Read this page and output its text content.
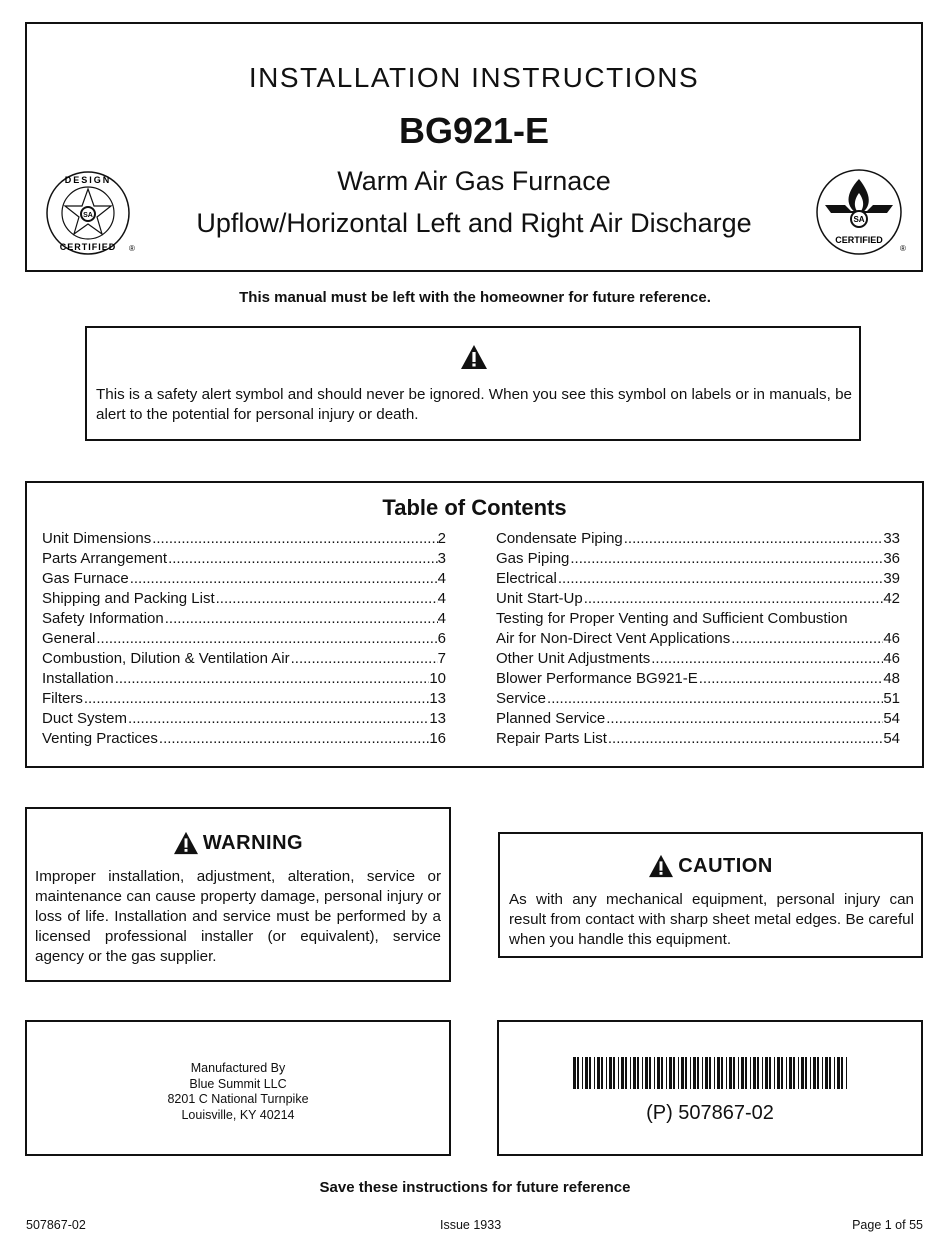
INSTALLATION INSTRUCTIONS
BG921-E
Warm Air Gas Furnace
Upflow/Horizontal Left and Right Air Discharge
SA
DESIGN
CERTIFIED ®
SA
CERTIFIED
®
This manual must be left with the homeowner for future reference.
This is a safety alert symbol and should never be ignored. When you see this symbol on labels or in manuals, be alert to the potential for personal injury or death.
Table of Contents
Unit Dimensions .....	2
Parts Arrangement .....	3
Gas Furnace .....	4
Shipping and Packing List .....	4
Safety Information .....	4
General .....	6
Combustion, Dilution & Ventilation Air .....	7
Installation .....	10
Filters .....	13
Duct System .....	13
Venting Practices .....	16
Condensate Piping .....	33
Gas Piping .....	36
Electrical .....	39
Unit Start-Up .....	42
Testing for Proper Venting and Sufficient Combustion
Air for Non-Direct Vent Applications .....	46
Other Unit Adjustments .....	46
Blower Performance BG921-E .....	48
Service .....	51
Planned Service .....	54
Repair Parts List .....	54
WARNING
Improper installation, adjustment, alteration, service or maintenance can cause property damage, personal injury or loss of life. Installation and service must be performed by a licensed professional installer (or equivalent), service agency or the gas supplier.
CAUTION
As with any mechanical equipment, personal injury can result from contact with sharp sheet metal edges. Be careful when you handle this equipment.
Manufactured By
Blue Summit LLC
8201 C National Turnpike
Louisville, KY 40214	(P) 507867-02
Save these instructions for future reference
507867-02	Issue 1933	Page 1 of 55
